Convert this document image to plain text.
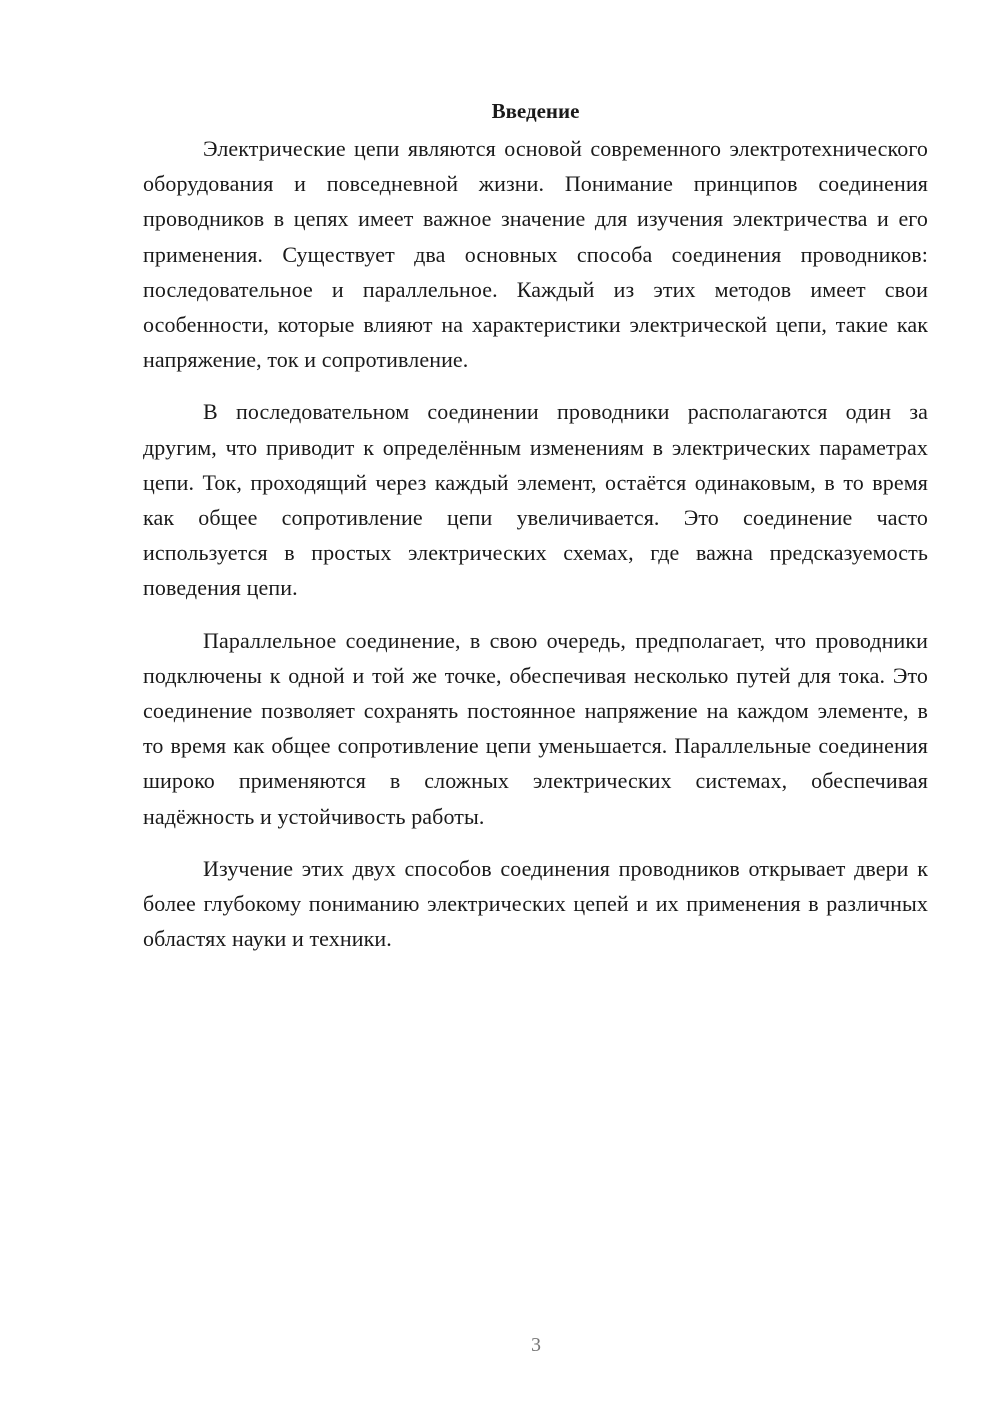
Введение

Электрические цепи являются основой современного электротехнического оборудования и повседневной жизни. Понимание принципов соединения проводников в цепях имеет важное значение для изучения электричества и его применения. Существует два основных способа соединения проводников: последовательное и параллельное. Каждый из этих методов имеет свои особенности, которые влияют на характеристики электрической цепи, такие как напряжение, ток и сопротивление.

В последовательном соединении проводники располагаются один за другим, что приводит к определённым изменениям в электрических параметрах цепи. Ток, проходящий через каждый элемент, остаётся одинаковым, в то время как общее сопротивление цепи увеличивается. Это соединение часто используется в простых электрических схемах, где важна предсказуемость поведения цепи.

Параллельное соединение, в свою очередь, предполагает, что проводники подключены к одной и той же точке, обеспечивая несколько путей для тока. Это соединение позволяет сохранять постоянное напряжение на каждом элементе, в то время как общее сопротивление цепи уменьшается. Параллельные соединения широко применяются в сложных электрических системах, обеспечивая надёжность и устойчивость работы.

Изучение этих двух способов соединения проводников открывает двери к более глубокому пониманию электрических цепей и их применения в различных областях науки и техники.

3
